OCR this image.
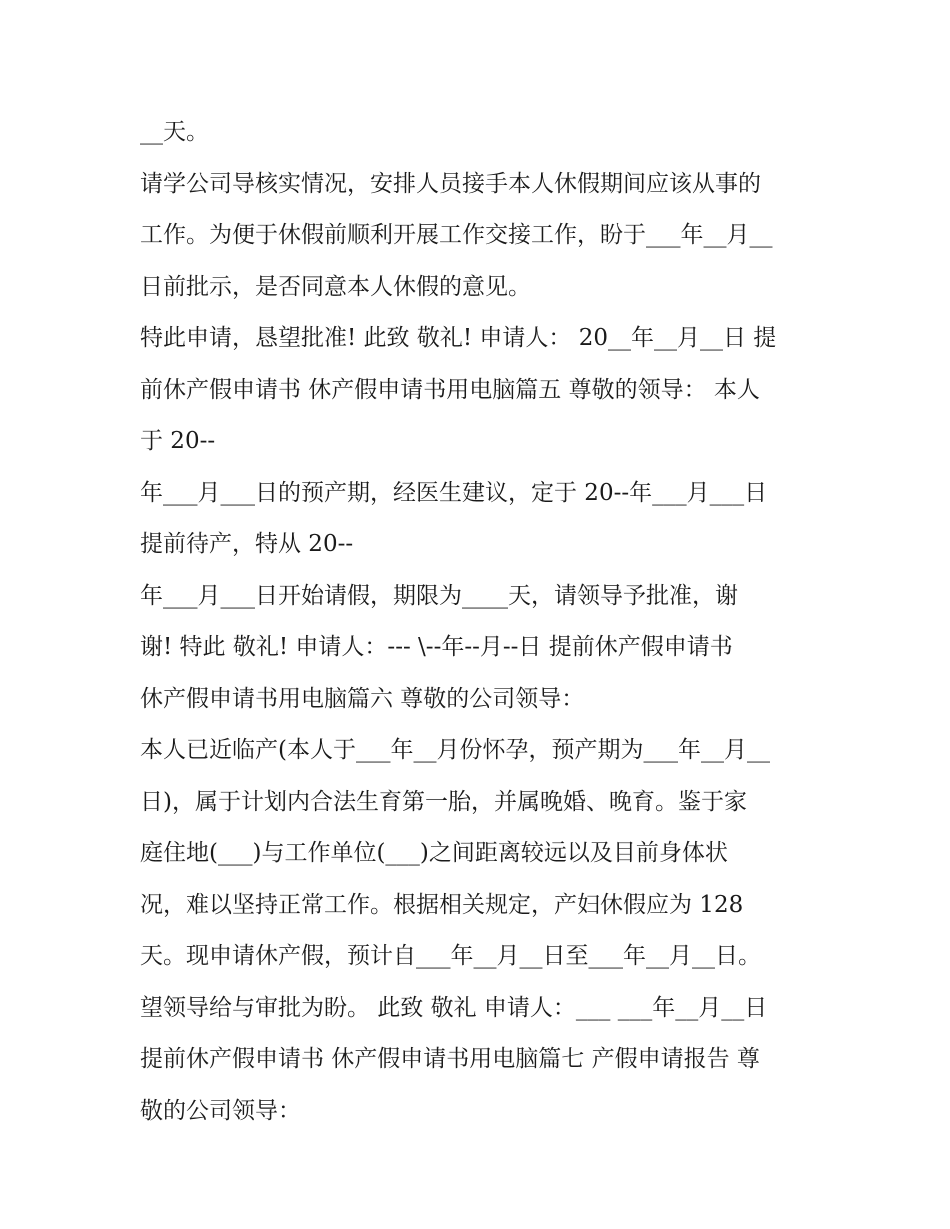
__天。
请学公司导核实情况，安排人员接手本人休假期间应该从事的
工作。为便于休假前顺利开展工作交接工作，盼于___年__月__
日前批示，是否同意本人休假的意见。
特此申请，恳望批准! 此致 敬礼! 申请人： 20__年__月__日 提
前休产假申请书 休产假申请书用电脑篇五 尊敬的领导： 本人
于 20--
年___月___日的预产期，经医生建议，定于 20--年___月___日
提前待产，特从 20--
年___月___日开始请假，期限为____天，请领导予批准，谢
谢! 特此 敬礼! 申请人：--- \--年--月--日 提前休产假申请书
休产假申请书用电脑篇六 尊敬的公司领导：
本人已近临产(本人于___年__月份怀孕，预产期为___年__月__
日)，属于计划内合法生育第一胎，并属晚婚、晚育。鉴于家
庭住地(___)与工作单位(___)之间距离较远以及目前身体状
况，难以坚持正常工作。根据相关规定，产妇休假应为 128
天。现申请休产假，预计自___年__月__日至___年__月__日。
望领导给与审批为盼。 此致 敬礼 申请人：___ ___年__月__日
提前休产假申请书 休产假申请书用电脑篇七 产假申请报告 尊
敬的公司领导：
